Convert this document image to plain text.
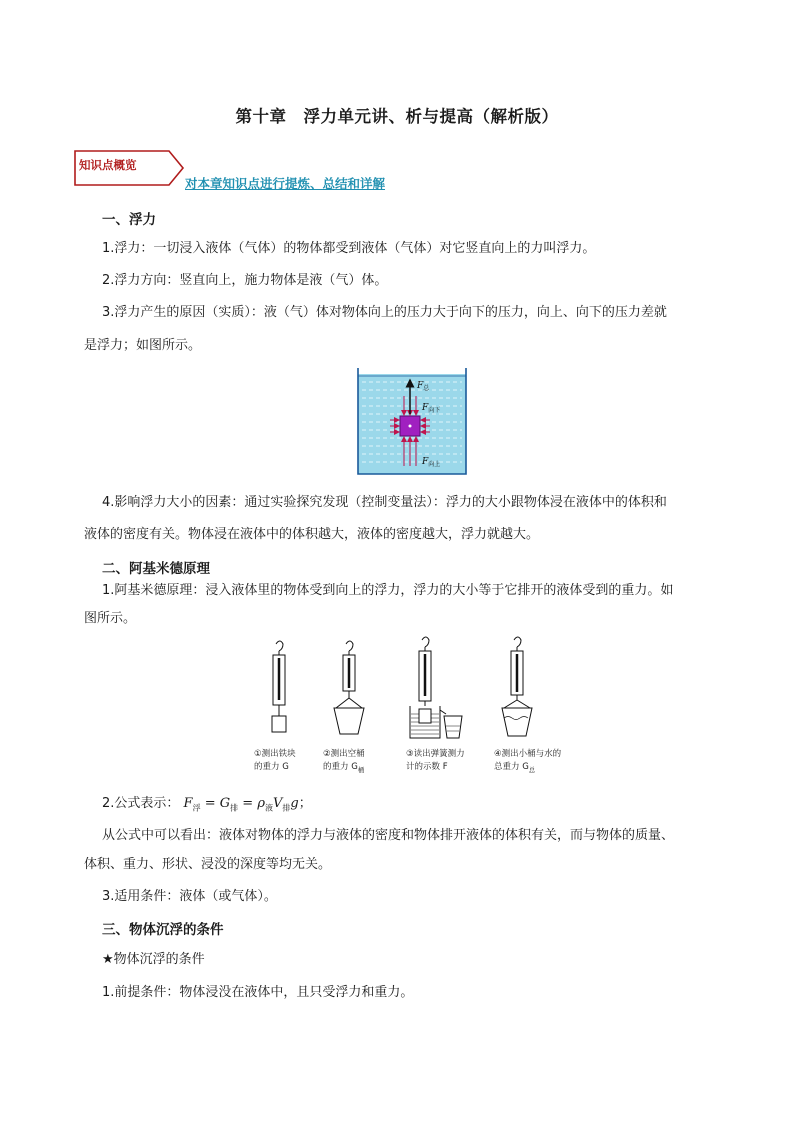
第十章　浮力单元讲、析与提高（解析版）
知识点概览
对本章知识点进行提炼、总结和详解
一、浮力
1.浮力：一切浸入液体（气体）的物体都受到液体（气体）对它竖直向上的力叫浮力。
2.浮力方向：竖直向上，施力物体是液（气）体。
3.浮力产生的原因（实质）：液（气）体对物体向上的压力大于向下的压力，向上、向下的压力差就
是浮力；如图所示。
$F_总$
$F_{向下}$
$F_{向上}$
4.影响浮力大小的因素：通过实验探究发现（控制变量法）：浮力的大小跟物体浸在液体中的体积和
液体的密度有关。物体浸在液体中的体积越大，液体的密度越大，浮力就越大。
二、阿基米德原理
1.阿基米德原理：浸入液体里的物体受到向上的浮力，浮力的大小等于它排开的液体受到的重力。如
图所示。
①测出铁块
的重力 G
②测出空桶
的重力 $G_桶$
③读出弹簧测力
计的示数 F
④测出小桶与水的
总重力 $G_总$
2.公式表示： $F_浮 = G_排 = \rho_液V_排g$；
从公式中可以看出：液体对物体的浮力与液体的密度和物体排开液体的体积有关，而与物体的质量、
体积、重力、形状、浸没的深度等均无关。
3.适用条件：液体（或气体）。
三、物体沉浮的条件
★物体沉浮的条件
1.前提条件：物体浸没在液体中，且只受浮力和重力。
